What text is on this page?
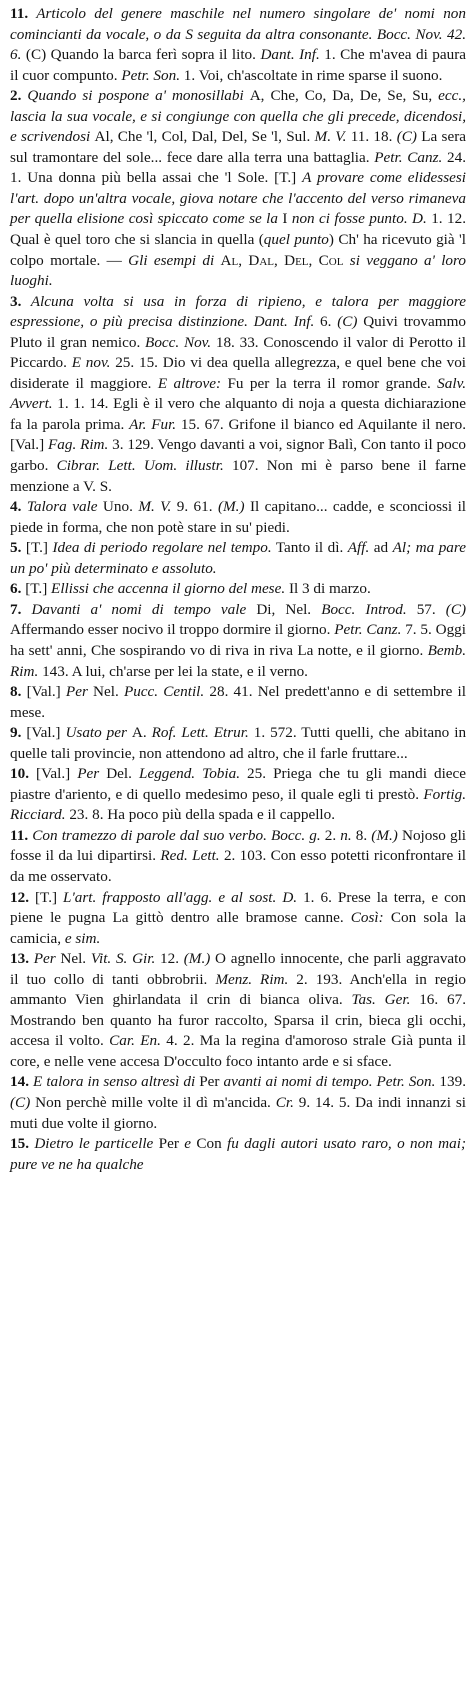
11. Articolo del genere maschile nel numero singolare de' nomi non comincianti da vocale, o da S seguita da altra consonante. Bocc. Nov. 42. 6. (C) Quando la barca ferì sopra il lito. Dant. Inf. 1. Che m'avea di paura il cuor compunto. Petr. Son. 1. Voi, ch'ascoltate in rime sparse il suono.

2. Quando si pospone a' monosillabi A, Che, Co, Da, De, Se, Su, ecc., lascia la sua vocale, e si congiunge con quella che gli precede, dicendosi, e scrivendosi Al, Che 'l, Col, Dal, Del, Se 'l, Sul. M. V. 11. 18. (C) La sera sul tramontare del sole... fece dare alla terra una battaglia. Petr. Canz. 24. 1. Una donna più bella assai che 'l Sole. [T.] A provare come elidessesi l'art. dopo un'altra vocale, giova notare che l'accento del verso rimaneva per quella elisione così spiccato come se la I non ci fosse punto. D. 1. 12. Qual è quel toro che si slancia in quella (quel punto) Ch' ha ricevuto già 'l colpo mortale. — Gli esempi di Al, Dal, Del, Col si veggano a' loro luoghi.

3. Alcuna volta si usa in forza di ripieno, e talora per maggiore espressione, o più precisa distinzione. Dant. Inf. 6. (C) Quivi trovammo Pluto il gran nemico. Bocc. Nov. 18. 33. Conoscendo il valor di Perotto il Piccardo. E nov. 25. 15. Dio vi dea quella allegrezza, e quel bene che voi disiderate il maggiore. E altrove: Fu per la terra il romor grande. Salv. Avvert. 1. 1. 14. Egli è il vero che alquanto di noja a questa dichiarazione fa la parola prima. Ar. Fur. 15. 67. Grifone il bianco ed Aquilante il nero. [Val.] Fag. Rim. 3. 129. Vengo davanti a voi, signor Balì, Con tanto il poco garbo. Cibrar. Lett. Uom. illustr. 107. Non mi è parso bene il farne menzione a V. S.

4. Talora vale Uno. M. V. 9. 61. (M.) Il capitano... cadde, e sconciossi il piede in forma, che non potè stare in su' piedi.

5. [T.] Idea di periodo regolare nel tempo. Tanto il dì. Aff. ad Al; ma pare un po' più determinato e assoluto.

6. [T.] Ellissi che accenna il giorno del mese. Il 3 di marzo.

7. Davanti a' nomi di tempo vale Di, Nel. Bocc. Introd. 57. (C) Affermando esser nocivo il troppo dormire il giorno. Petr. Canz. 7. 5. Oggi ha sett' anni, Che sospirando vo di riva in riva La notte, e il giorno. Bemb. Rim. 143. A lui, ch'arse per lei la state, e il verno.

8. [Val.] Per Nel. Pucc. Centil. 28. 41. Nel predett'anno e di settembre il mese.

9. [Val.] Usato per A. Rof. Lett. Etrur. 1. 572. Tutti quelli, che abitano in quelle tali provincie, non attendono ad altro, che il farle fruttare...

10. [Val.] Per Del. Leggend. Tobia. 25. Priega che tu gli mandi diece piastre d'ariento, e di quello medesimo peso, il quale egli ti prestò. Fortig. Ricciard. 23. 8. Ha poco più della spada e il cappello.

11. Con tramezzo di parole dal suo verbo. Bocc. g. 2. n. 8. (M.) Nojoso gli fosse il da lui dipartirsi. Red. Lett. 2. 103. Con esso potetti riconfrontare il da me osservato.

12. [T.] L'art. frapposto all'agg. e al sost. D. 1. 6. Prese la terra, e con piene le pugna La gittò dentro alle bramose canne. Così: Con sola la camicia, e sim.

13. Per Nel. Vit. S. Gir. 12. (M.) O agnello innocente, che parli aggravato il tuo collo di tanti obbrobrii. Menz. Rim. 2. 193. Anch'ella in regio ammanto Vien ghirlandata il crin di bianca oliva. Tas. Ger. 16. 67. Mostrando ben quanto ha furor raccolto, Sparsa il crin, bieca gli occhi, accesa il volto. Car. En. 4. 2. Ma la regina d'amoroso strale Già punta il core, e nelle vene accesa D'occulto foco intanto arde e si sface.

14. E talora in senso altresì di Per avanti ai nomi di tempo. Petr. Son. 139. (C) Non perchè mille volte il dì m'ancida. Cr. 9. 14. 5. Da indi innanzi si muti due volte il giorno.

15. Dietro le particelle Per e Con fu dagli autori usato raro, o non mai; pure ve ne ha qualche
